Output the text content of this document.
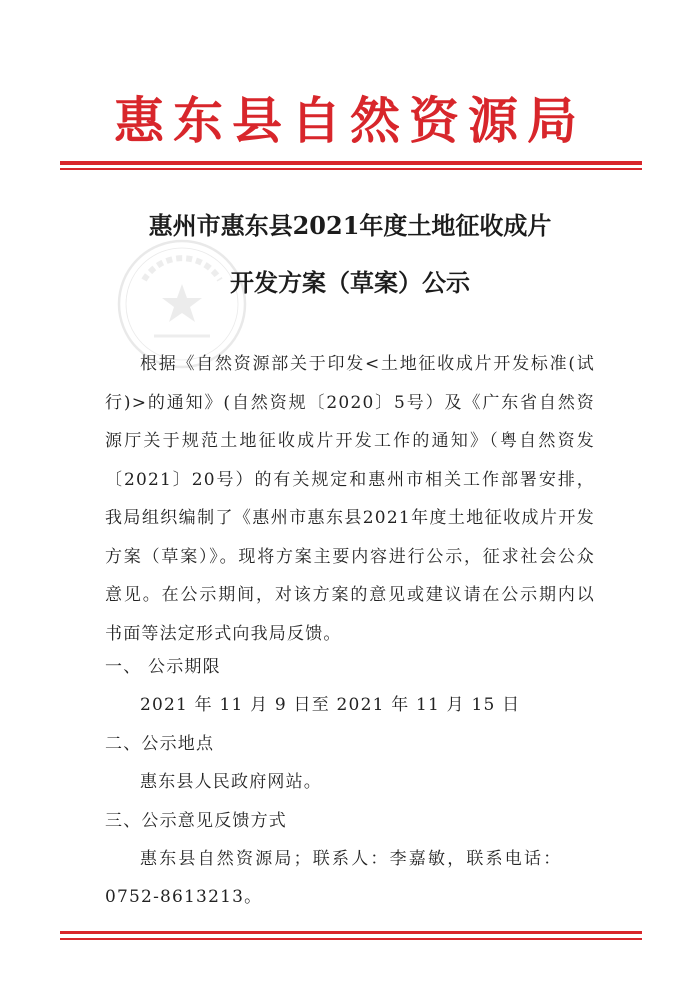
惠东县自然资源局
惠州市惠东县2021年度土地征收成片
开发方案（草案）公示
根据《自然资源部关于印发<土地征收成片开发标准(试行)>的通知》(自然资规〔2020〕5号）及《广东省自然资源厅关于规范土地征收成片开发工作的通知》（粤自然资发〔2021〕20号）的有关规定和惠州市相关工作部署安排，我局组织编制了《惠州市惠东县2021年度土地征收成片开发方案（草案）》。现将方案主要内容进行公示，征求社会公众意见。在公示期间，对该方案的意见或建议请在公示期内以书面等法定形式向我局反馈。
一、 公示期限
2021 年 11 月 9 日至 2021 年 11 月 15 日
二、公示地点
惠东县人民政府网站。
三、公示意见反馈方式
惠东县自然资源局；联系人：李嘉敏，联系电话：
0752-8613213。
